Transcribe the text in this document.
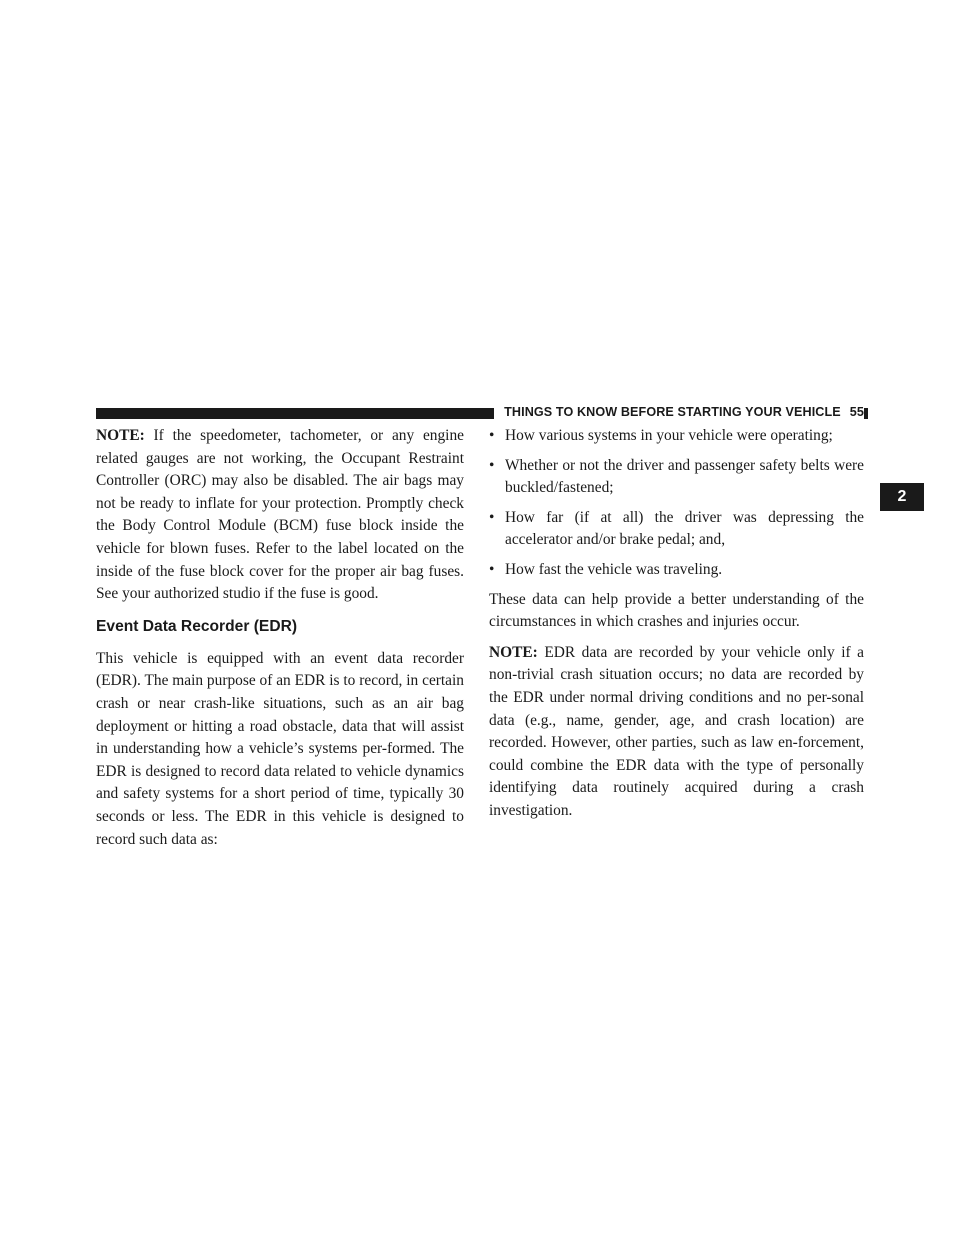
THINGS TO KNOW BEFORE STARTING YOUR VEHICLE 55
2

NOTE: If the speedometer, tachometer, or any engine related gauges are not working, the Occupant Restraint Controller (ORC) may also be disabled. The air bags may not be ready to inflate for your protection. Promptly check the Body Control Module (BCM) fuse block inside the vehicle for blown fuses. Refer to the label located on the inside of the fuse block cover for the proper air bag fuses. See your authorized studio if the fuse is good.

Event Data Recorder (EDR)

This vehicle is equipped with an event data recorder (EDR). The main purpose of an EDR is to record, in certain crash or near crash-like situations, such as an air bag deployment or hitting a road obstacle, data that will assist in understanding how a vehicle’s systems per-formed. The EDR is designed to record data related to vehicle dynamics and safety systems for a short period of time, typically 30 seconds or less. The EDR in this vehicle is designed to record such data as:

• How various systems in your vehicle were operating;
• Whether or not the driver and passenger safety belts were buckled/fastened;
• How far (if at all) the driver was depressing the accelerator and/or brake pedal; and,
• How fast the vehicle was traveling.

These data can help provide a better understanding of the circumstances in which crashes and injuries occur.

NOTE: EDR data are recorded by your vehicle only if a non-trivial crash situation occurs; no data are recorded by the EDR under normal driving conditions and no per-sonal data (e.g., name, gender, age, and crash location) are recorded. However, other parties, such as law en-forcement, could combine the EDR data with the type of personally identifying data routinely acquired during a crash investigation.
